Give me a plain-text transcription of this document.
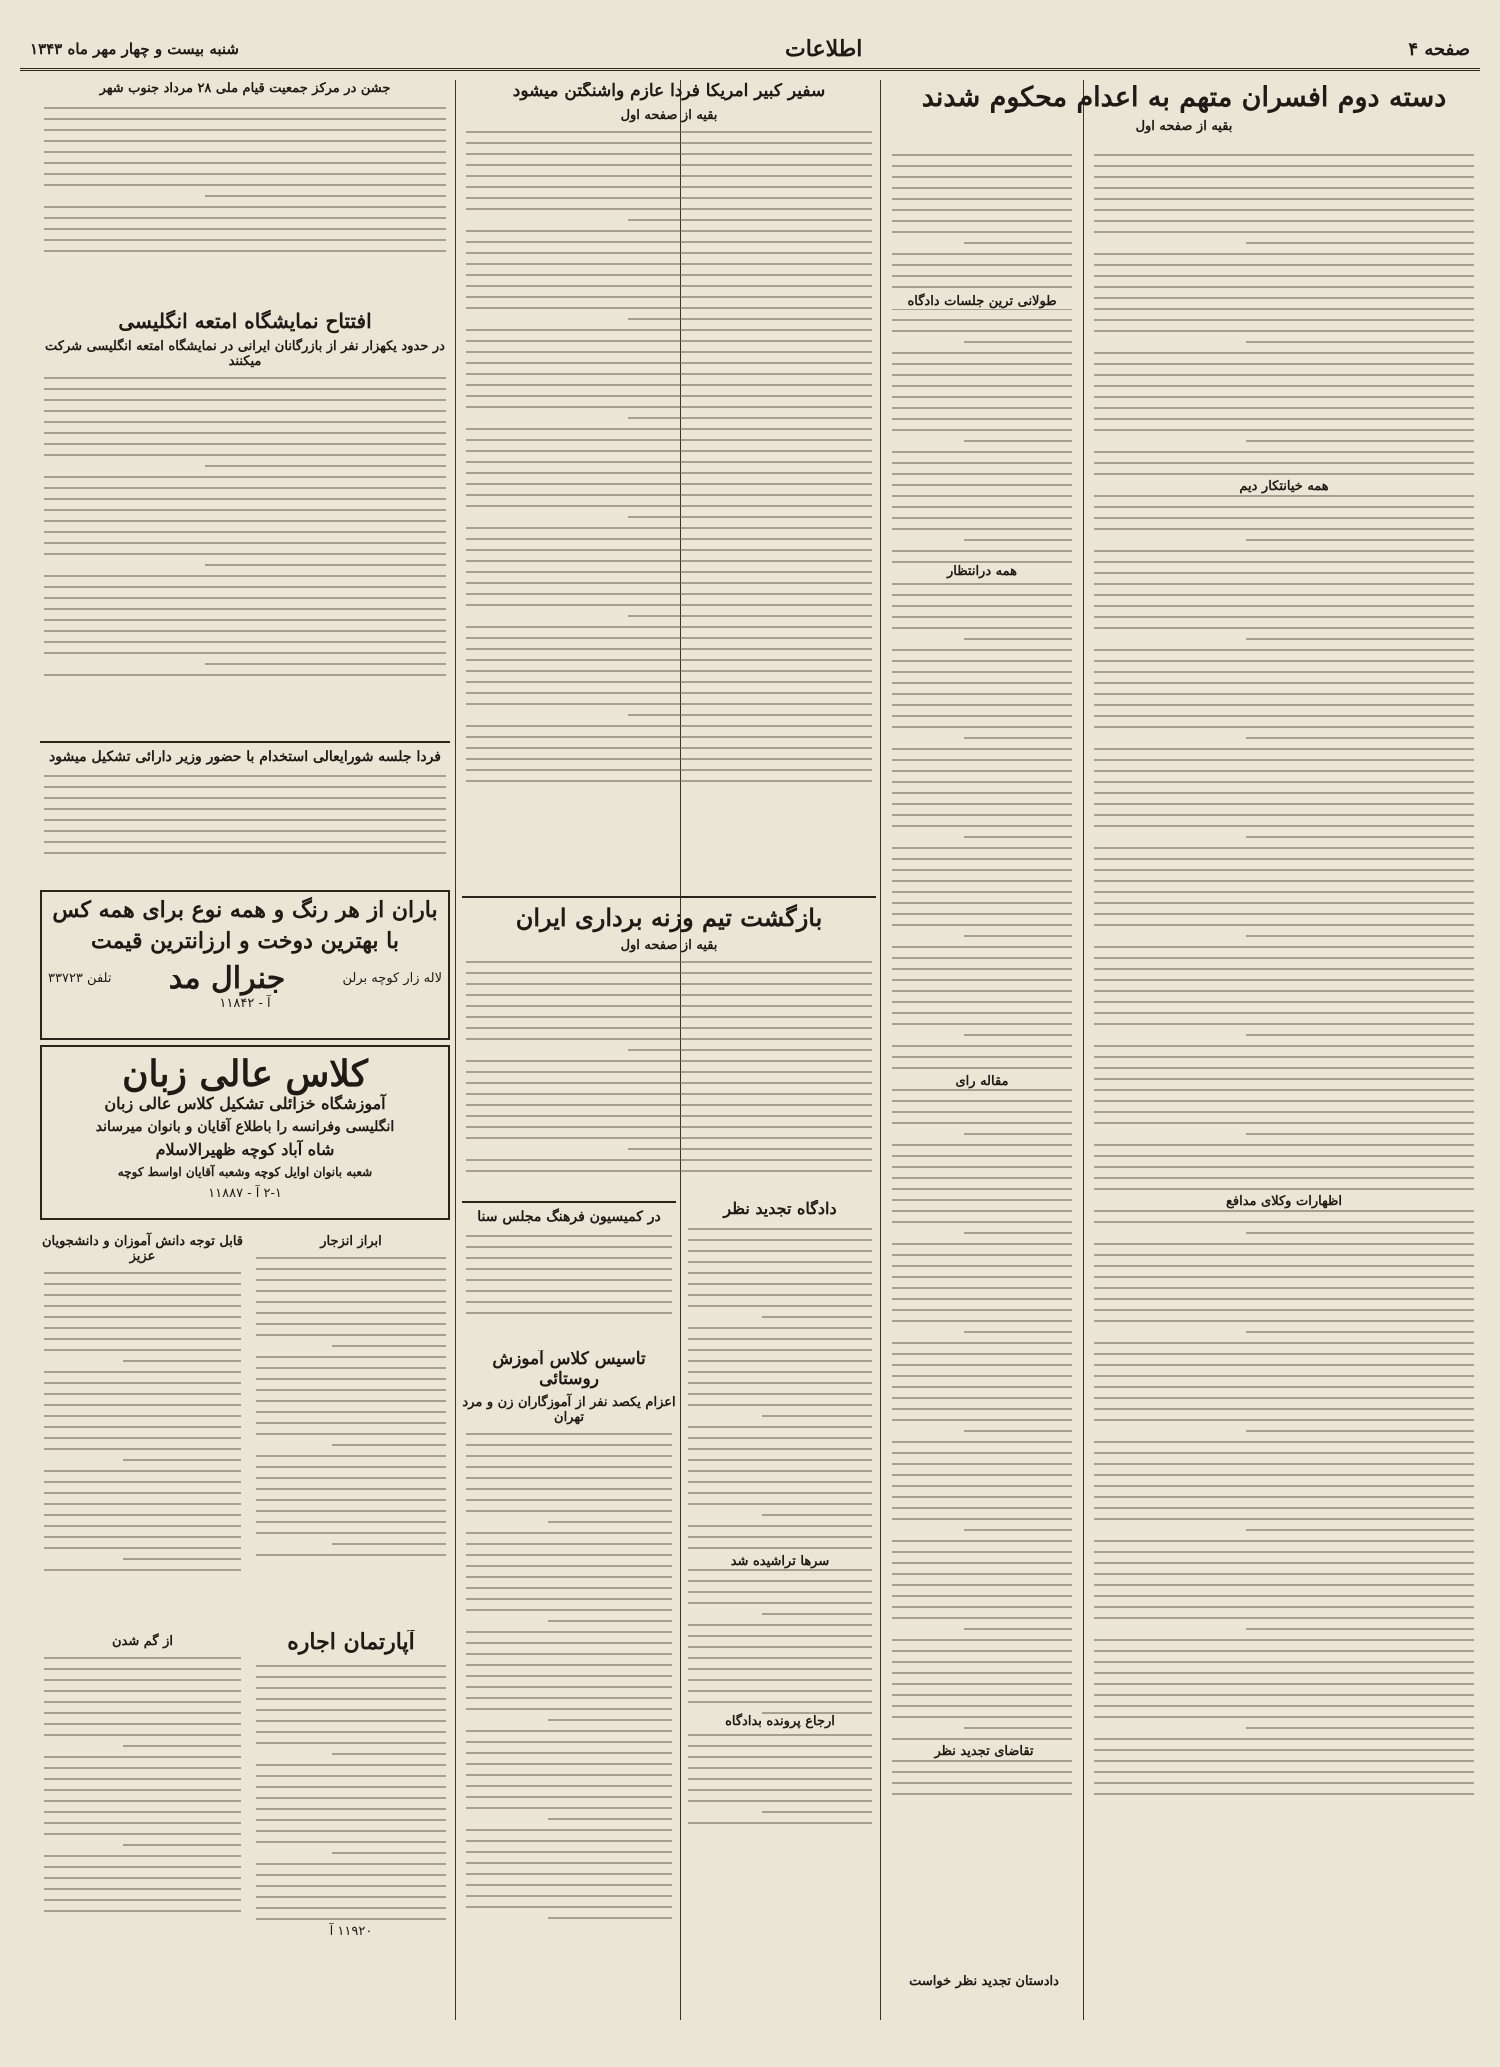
صفحه ۴
اطلاعات
شنبه بیست و چهار مهر ماه ۱۳۴۳
دسته دوم افسران متهم به اعدام محکوم شدند
بقیه از صفحه اول
طولانی ترین جلسات دادگاه
همه درانتظار
همه خیانتکار دیم
اظهارات وکلای مدافع
مقاله رای
سفیر کبیر امریکا فردا عازم واشنگتن میشود
بقیه از صفحه اول
بازگشت تیم وزنه برداری ایران
بقیه از صفحه اول
دادگاه تجدید نظر
سرها تراشیده شد
ارجاع پرونده بدادگاه
تقاضای تجدید نظر
دادستان تجدید نظر خواست
در کمیسیون فرهنگ مجلس سنا
تاسیس کلاس آموزش روستائی
اعزام یکصد نفر از آموزگاران زن و مرد تهران
جشن در مرکز جمعیت قیام ملی ۲۸ مرداد جنوب شهر
افتتاح نمایشگاه امتعه انگلیسی
در حدود یکهزار نفر از بازرگانان ایرانی در نمایشگاه امتعه انگلیسی شرکت میکنند
فردا جلسه شورایعالی استخدام با حضور وزیر دارائی تشکیل میشود
باران از هر رنگ و همه نوع برای همه کس
با بهترین دوخت و ارزانترین قیمت
لاله زار کوچه برلن
جنرال مد
تلفن ۳۳۷۲۳
آ - ۱۱۸۴۲
کلاس عالی زبان
آموزشگاه خزائلی تشکیل کلاس عالی زبان
انگلیسی وفرانسه را باطلاع آقایان و بانوان میرساند
شاه آباد کوچه ظهیرالاسلام
شعبه بانوان اوایل کوچه وشعبه آقایان اواسط کوچه
۲-۱ آ - ۱۱۸۸۷
ابراز انزجار
قابل توجه دانش آموزان و دانشجویان عزیز
آپارتمان اجاره
۱۱۹۲۰ آ
از گم شدن
